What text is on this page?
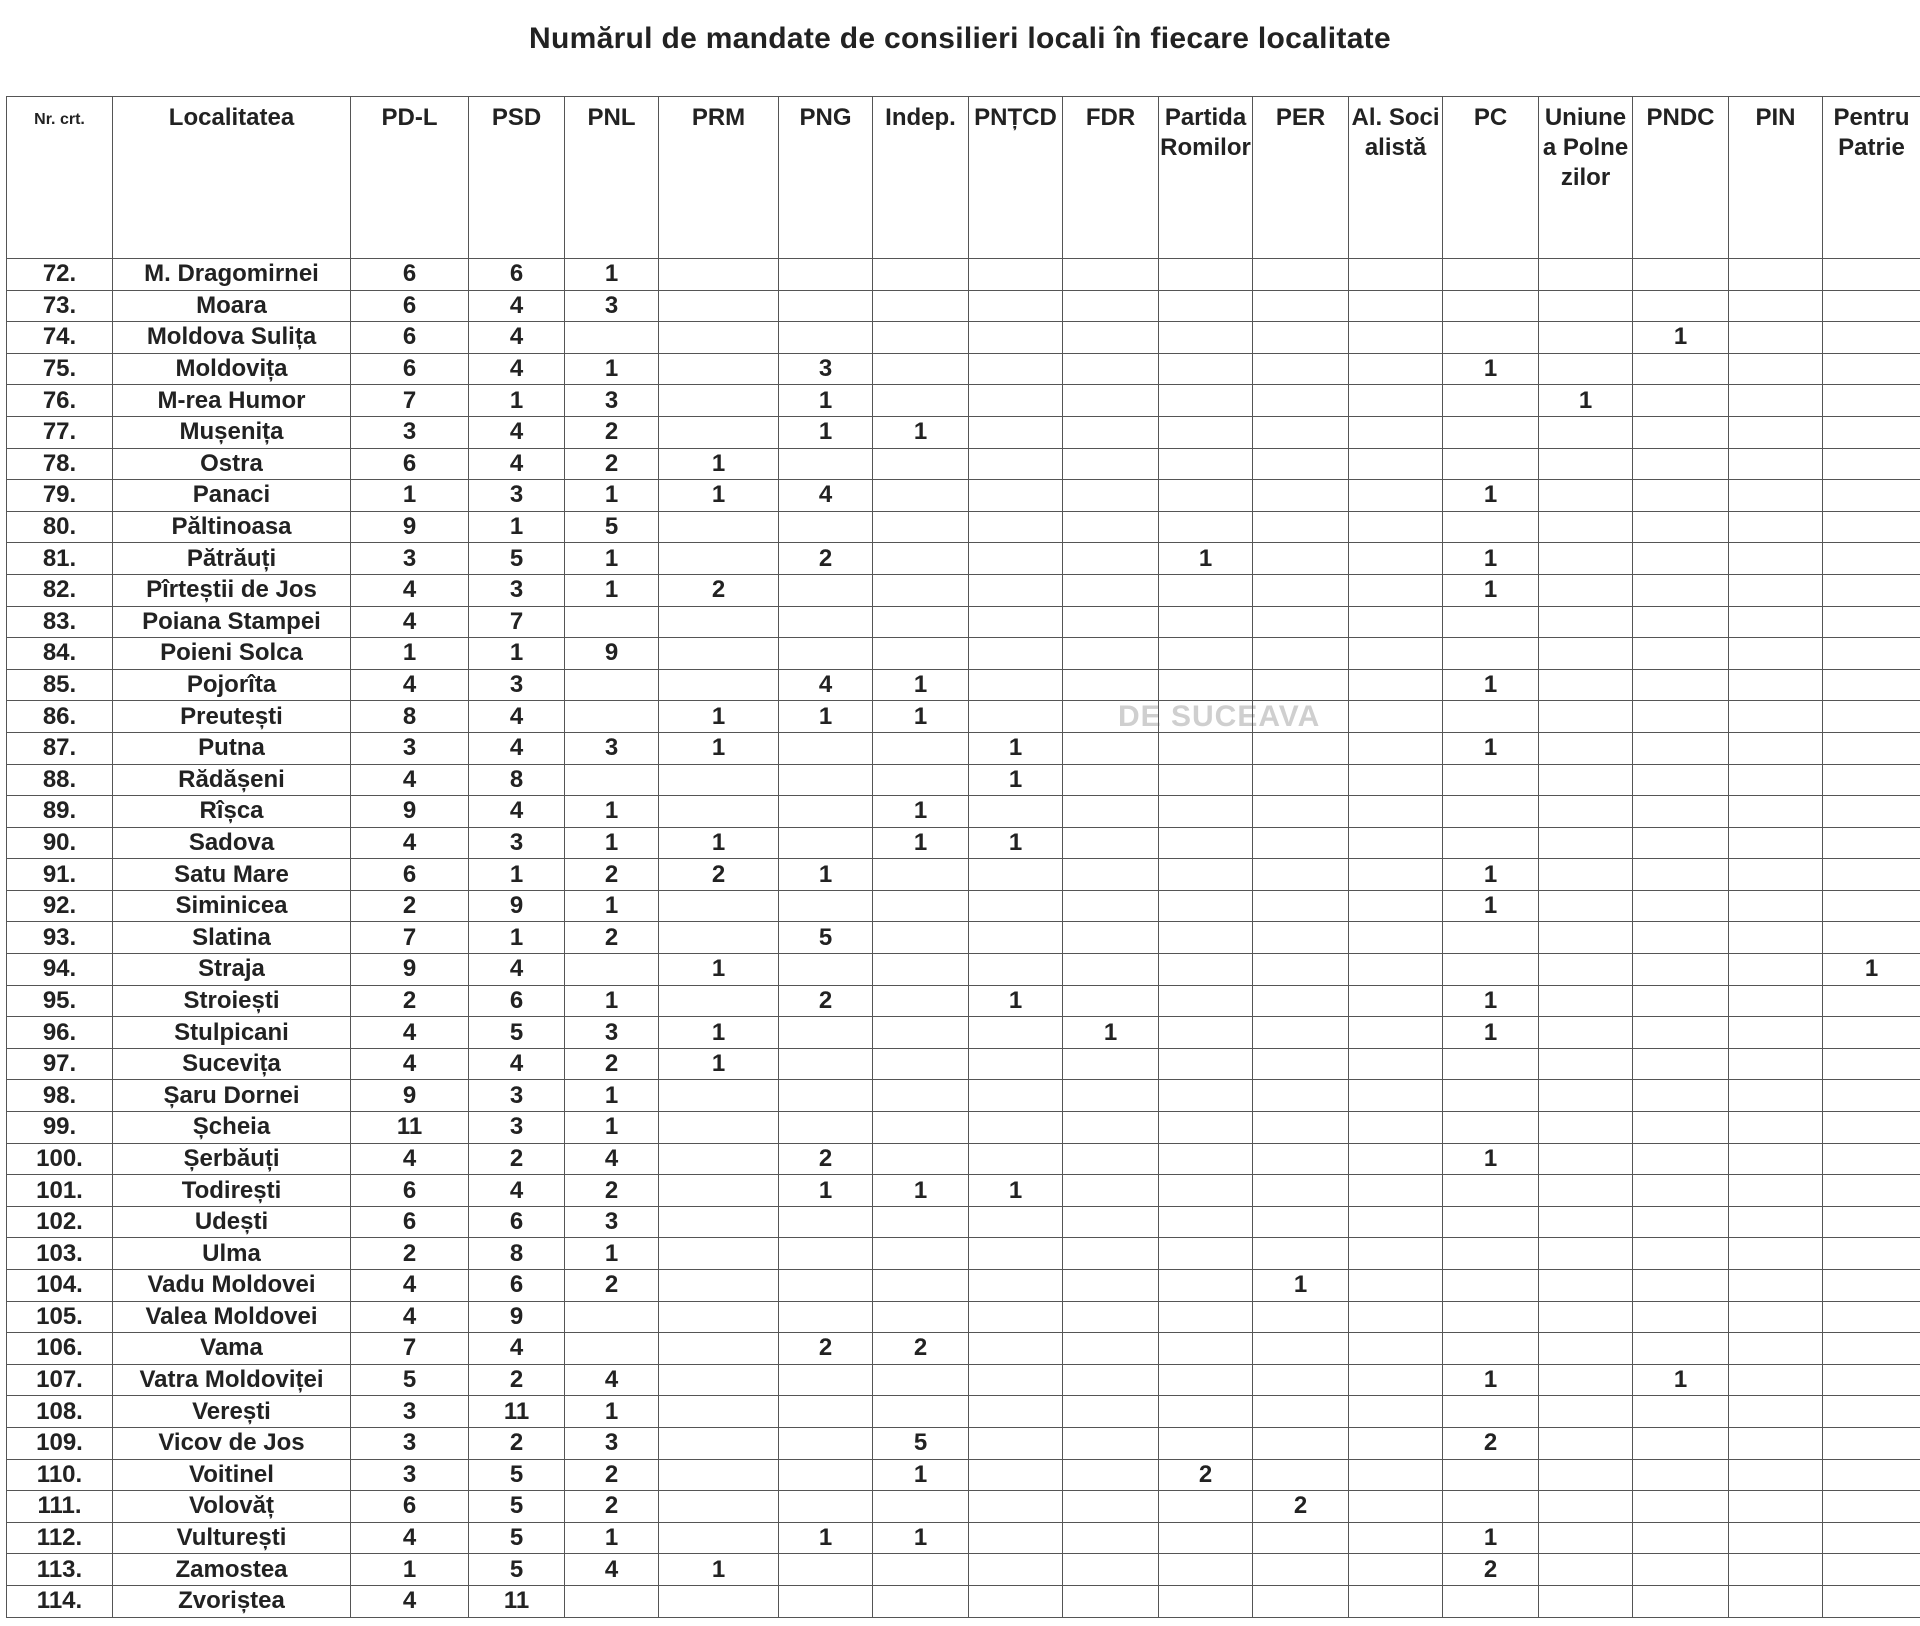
Numărul de mandate de consilieri locali în fiecare localitate
DE SUCEAVA
Nr. crt.	Localitatea	PD-L	PSD	PNL	PRM	PNG	Indep.	PNȚCD	FDR	Partida Romilor	PER	Al. Socialistă	PC	Uniunea Polnezilor	PNDC	PIN	Pentru Patrie
72.	M. Dragomirnei	6	6	1													
73.	Moara	6	4	3													
74.	Moldova Sulița	6	4												1		
75.	Moldovița	6	4	1		3							1				
76.	M-rea Humor	7	1	3		1								1			
77.	Mușenița	3	4	2		1	1										
78.	Ostra	6	4	2	1												
79.	Panaci	1	3	1	1	4							1				
80.	Păltinoasa	9	1	5													
81.	Pătrăuți	3	5	1		2				1			1				
82.	Pîrteștii de Jos	4	3	1	2								1				
83.	Poiana Stampei	4	7														
84.	Poieni Solca	1	1	9													
85.	Pojorîta	4	3			4	1						1				
86.	Preutești	8	4		1	1	1										
87.	Putna	3	4	3	1			1					1				
88.	Rădășeni	4	8					1									
89.	Rîșca	9	4	1			1										
90.	Sadova	4	3	1	1		1	1									
91.	Satu Mare	6	1	2	2	1							1				
92.	Siminicea	2	9	1									1				
93.	Slatina	7	1	2		5											
94.	Straja	9	4		1												1
95.	Stroiești	2	6	1		2		1					1				
96.	Stulpicani	4	5	3	1				1				1				
97.	Sucevița	4	4	2	1												
98.	Șaru Dornei	9	3	1													
99.	Șcheia	11	3	1													
100.	Șerbăuți	4	2	4		2							1				
101.	Todirești	6	4	2		1	1	1									
102.	Udești	6	6	3													
103.	Ulma	2	8	1													
104.	Vadu Moldovei	4	6	2							1						
105.	Valea Moldovei	4	9														
106.	Vama	7	4			2	2										
107.	Vatra Moldoviței	5	2	4									1		1		
108.	Verești	3	11	1													
109.	Vicov de Jos	3	2	3			5						2				
110.	Voitinel	3	5	2			1			2							
111.	Volovăț	6	5	2							2						
112.	Vulturești	4	5	1		1	1						1				
113.	Zamostea	1	5	4	1								2				
114.	Zvoriștea	4	11														
